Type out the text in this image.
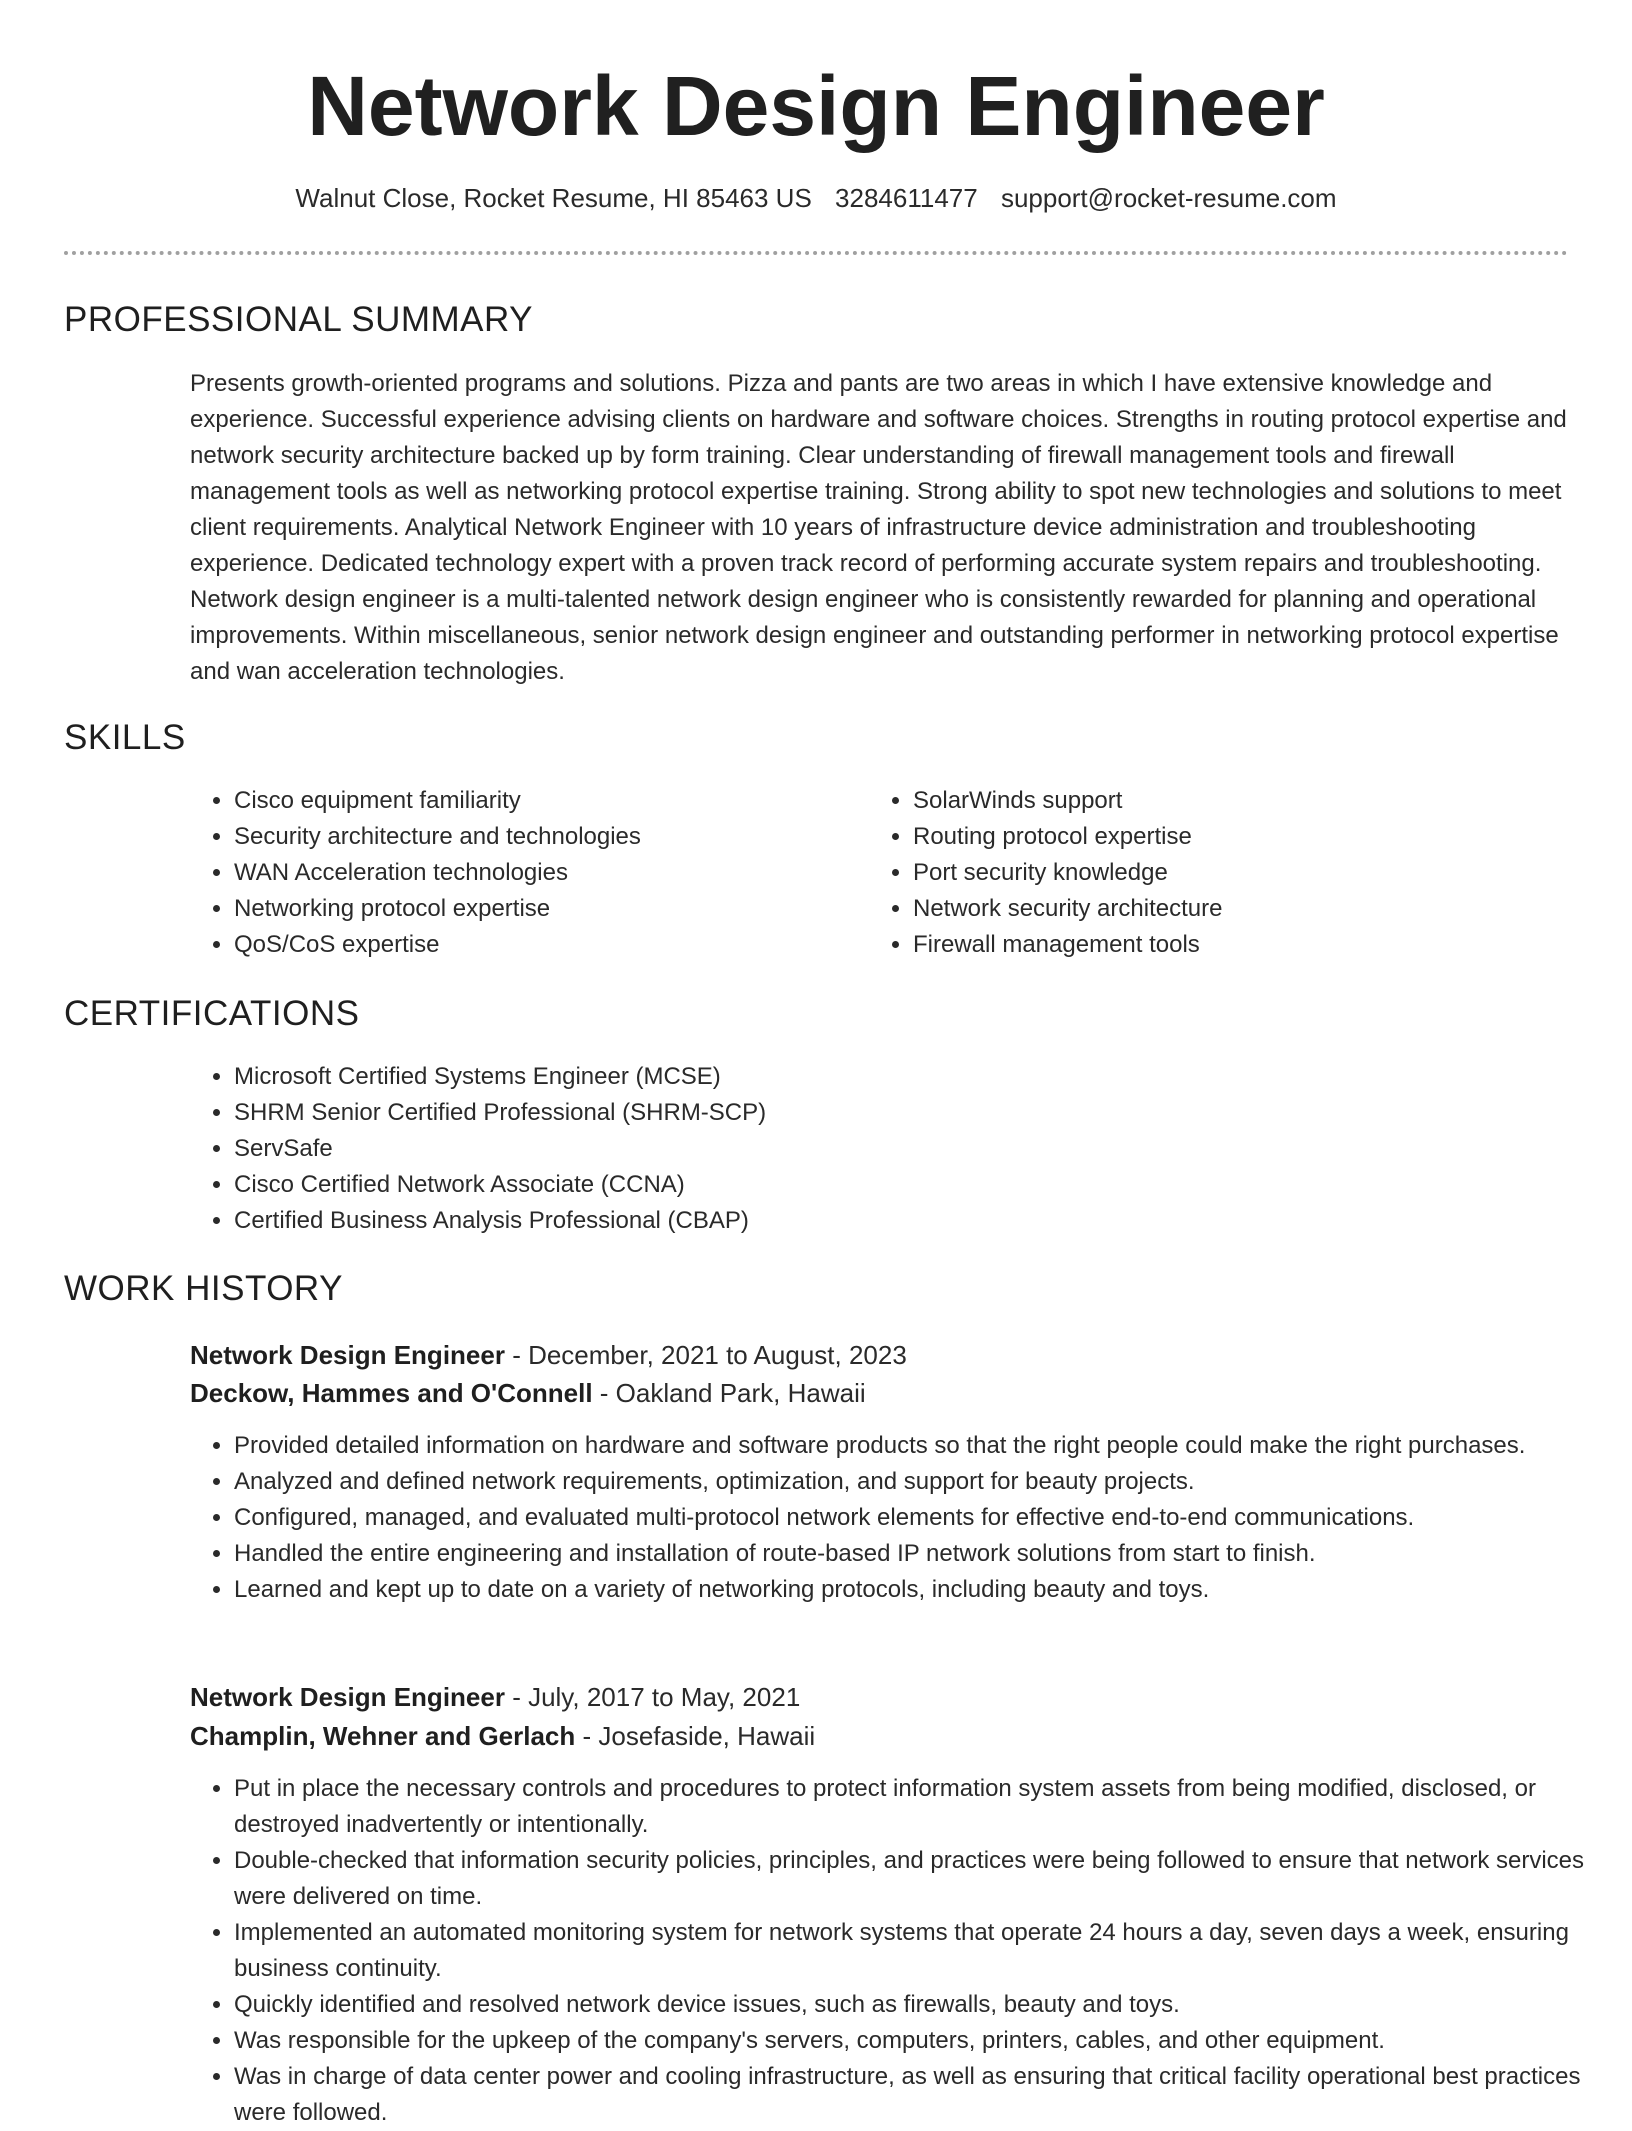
Network Design Engineer
Walnut Close, Rocket Resume, HI 85463 US 3284611477 support@rocket-resume.com
PROFESSIONAL SUMMARY
Presents growth-oriented programs and solutions. Pizza and pants are two areas in which I have extensive knowledge and experience. Successful experience advising clients on hardware and software choices. Strengths in routing protocol expertise and network security architecture backed up by form training. Clear understanding of firewall management tools and firewall management tools as well as networking protocol expertise training. Strong ability to spot new technologies and solutions to meet client requirements. Analytical Network Engineer with 10 years of infrastructure device administration and troubleshooting experience. Dedicated technology expert with a proven track record of performing accurate system repairs and troubleshooting. Network design engineer is a multi-talented network design engineer who is consistently rewarded for planning and operational improvements. Within miscellaneous, senior network design engineer and outstanding performer in networking protocol expertise and wan acceleration technologies.
SKILLS
• Cisco equipment familiarity
• Security architecture and technologies
• WAN Acceleration technologies
• Networking protocol expertise
• QoS/CoS expertise
• SolarWinds support
• Routing protocol expertise
• Port security knowledge
• Network security architecture
• Firewall management tools
CERTIFICATIONS
• Microsoft Certified Systems Engineer (MCSE)
• SHRM Senior Certified Professional (SHRM-SCP)
• ServSafe
• Cisco Certified Network Associate (CCNA)
• Certified Business Analysis Professional (CBAP)
WORK HISTORY
Network Design Engineer - December, 2021 to August, 2023
Deckow, Hammes and O'Connell - Oakland Park, Hawaii
• Provided detailed information on hardware and software products so that the right people could make the right purchases.
• Analyzed and defined network requirements, optimization, and support for beauty projects.
• Configured, managed, and evaluated multi-protocol network elements for effective end-to-end communications.
• Handled the entire engineering and installation of route-based IP network solutions from start to finish.
• Learned and kept up to date on a variety of networking protocols, including beauty and toys.
Network Design Engineer - July, 2017 to May, 2021
Champlin, Wehner and Gerlach - Josefaside, Hawaii
• Put in place the necessary controls and procedures to protect information system assets from being modified, disclosed, or destroyed inadvertently or intentionally.
• Double-checked that information security policies, principles, and practices were being followed to ensure that network services were delivered on time.
• Implemented an automated monitoring system for network systems that operate 24 hours a day, seven days a week, ensuring business continuity.
• Quickly identified and resolved network device issues, such as firewalls, beauty and toys.
• Was responsible for the upkeep of the company's servers, computers, printers, cables, and other equipment.
• Was in charge of data center power and cooling infrastructure, as well as ensuring that critical facility operational best practices were followed.
